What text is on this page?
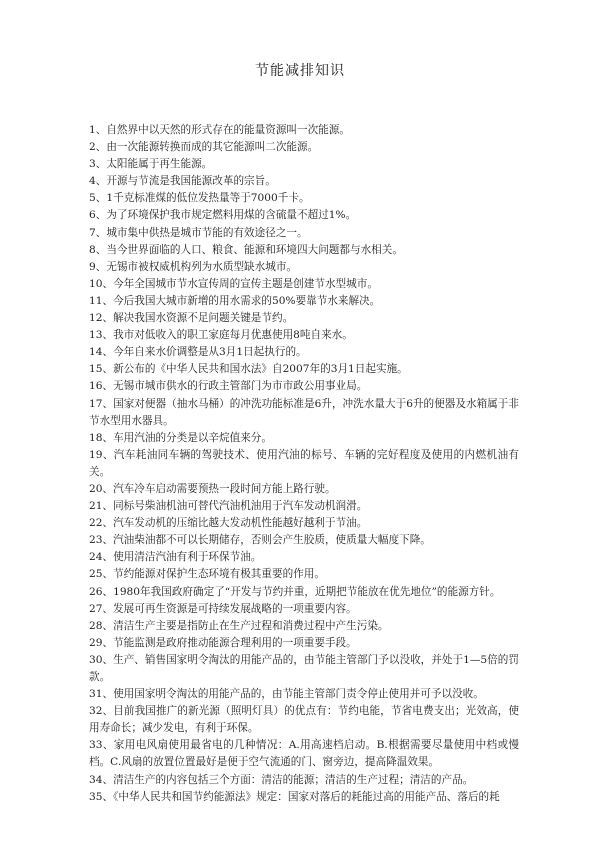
节能减排知识
1、自然界中以天然的形式存在的能量资源叫一次能源。
2、由一次能源转换而成的其它能源叫二次能源。
3、太阳能属于再生能源。
4、开源与节流是我国能源改革的宗旨。
5、1千克标准煤的低位发热量等于7000千卡。
6、为了环境保护我市规定燃料用煤的含硫量不超过1%。
7、城市集中供热是城市节能的有效途径之一。
8、当今世界面临的人口、粮食、能源和环境四大问题都与水相关。
9、无锡市被权威机构列为水质型缺水城市。
10、今年全国城市节水宣传周的宣传主题是创建节水型城市。
11、今后我国大城市新增的用水需求的50%要靠节水来解决。
12、解决我国水资源不足问题关键是节约。
13、我市对低收入的职工家庭每月优惠使用8吨自来水。
14、今年自来水价调整是从3月1日起执行的。
15、新公布的《中华人民共和国水法》自2007年的3月1日起实施。
16、无锡市城市供水的行政主管部门为市市政公用事业局。
17、国家对便器（抽水马桶）的冲洗功能标准是6升，冲洗水量大于6升的便器及水箱属于非节水型用水器具。
18、车用汽油的分类是以辛烷值来分。
19、汽车耗油同车辆的驾驶技术、使用汽油的标号、车辆的完好程度及使用的内燃机油有关。
20、汽车冷车启动需要预热一段时间方能上路行驶。
21、同标号柴油机油可替代汽油机油用于汽车发动机润滑。
22、汽车发动机的压缩比越大发动机性能越好越利于节油。
23、汽油柴油都不可以长期储存，否则会产生胶质，使质量大幅度下降。
24、使用清洁汽油有利于环保节油。
25、节约能源对保护生态环境有极其重要的作用。
26、1980年我国政府确定了“开发与节约并重，近期把节能放在优先地位”的能源方针。
27、发展可再生资源是可持续发展战略的一项重要内容。
28、清洁生产主要是指防止在生产过程和消费过程中产生污染。
29、节能监测是政府推动能源合理利用的一项重要手段。
30、生产、销售国家明令淘汰的用能产品的，由节能主管部门予以没收，并处于1—5倍的罚款。
31、使用国家明令淘汰的用能产品的，由节能主管部门责令停止使用并可予以没收。
32、目前我国推广的新光源（照明灯具）的优点有：节约电能，节省电费支出；光效高，使用寿命长；减少发电，有利于环保。
33、家用电风扇使用最省电的几种情况：A.用高速档启动。B.根据需要尽量使用中档或慢档。C.风扇的放置位置最好是便于空气流通的门、窗旁边，提高降温效果。
34、清洁生产的内容包括三个方面：清洁的能源；清洁的生产过程；清洁的产品。
35、《中华人民共和国节约能源法》规定：国家对落后的耗能过高的用能产品、落后的耗
